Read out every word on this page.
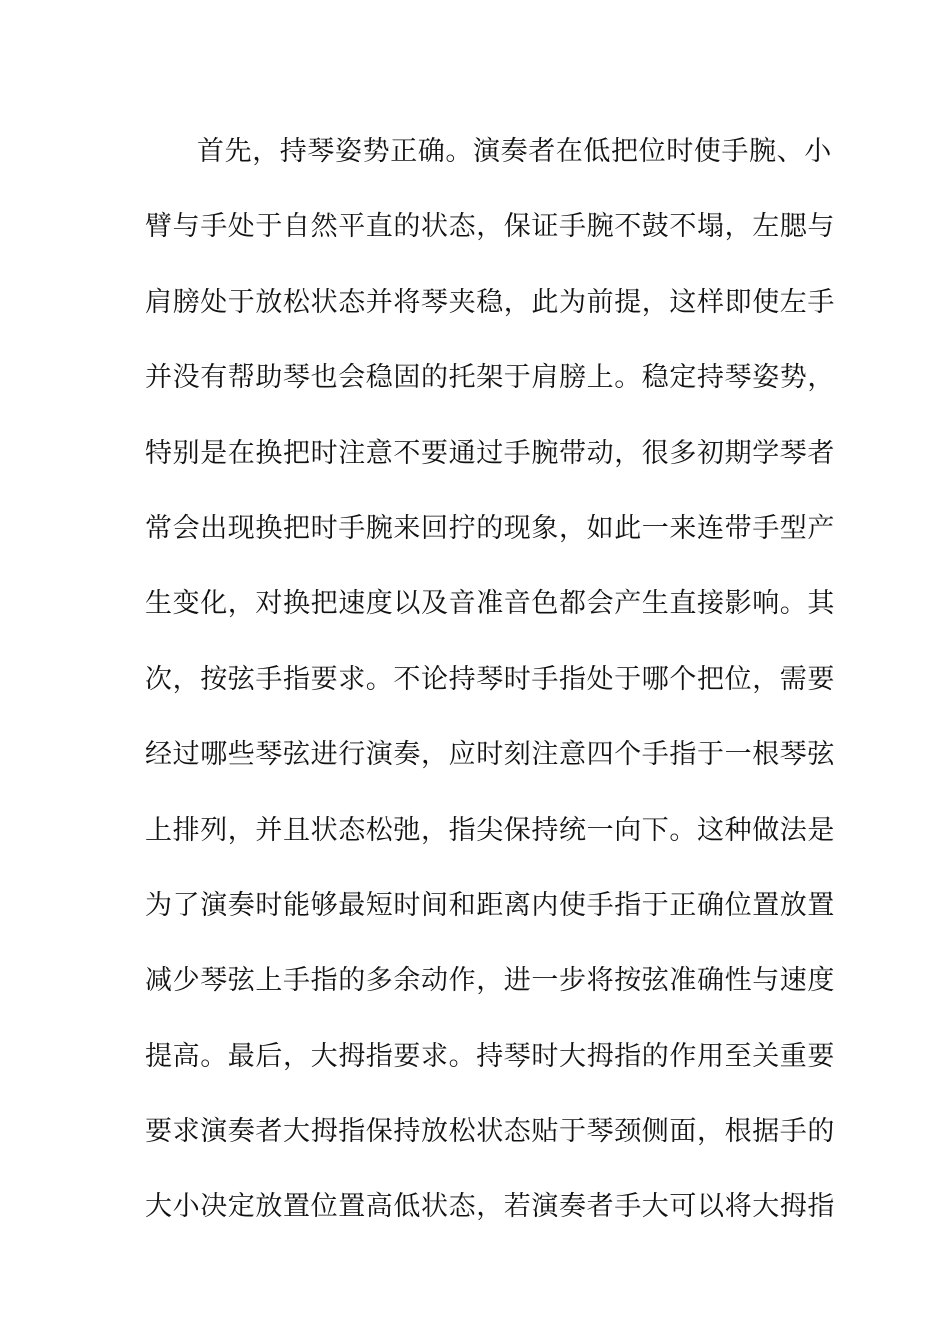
首先，持琴姿势正确。演奏者在低把位时使手腕、小
臂与手处于自然平直的状态，保证手腕不鼓不塌，左腮与
肩膀处于放松状态并将琴夹稳，此为前提，这样即使左手
并没有帮助琴也会稳固的托架于肩膀上。稳定持琴姿势，
特别是在换把时注意不要通过手腕带动，很多初期学琴者
常会出现换把时手腕来回拧的现象，如此一来连带手型产
生变化，对换把速度以及音准音色都会产生直接影响。其
次，按弦手指要求。不论持琴时手指处于哪个把位，需要
经过哪些琴弦进行演奏，应时刻注意四个手指于一根琴弦
上排列，并且状态松弛，指尖保持统一向下。这种做法是
为了演奏时能够最短时间和距离内使手指于正确位置放置
减少琴弦上手指的多余动作，进一步将按弦准确性与速度
提高。最后，大拇指要求。持琴时大拇指的作用至关重要
要求演奏者大拇指保持放松状态贴于琴颈侧面，根据手的
大小决定放置位置高低状态，若演奏者手大可以将大拇指
